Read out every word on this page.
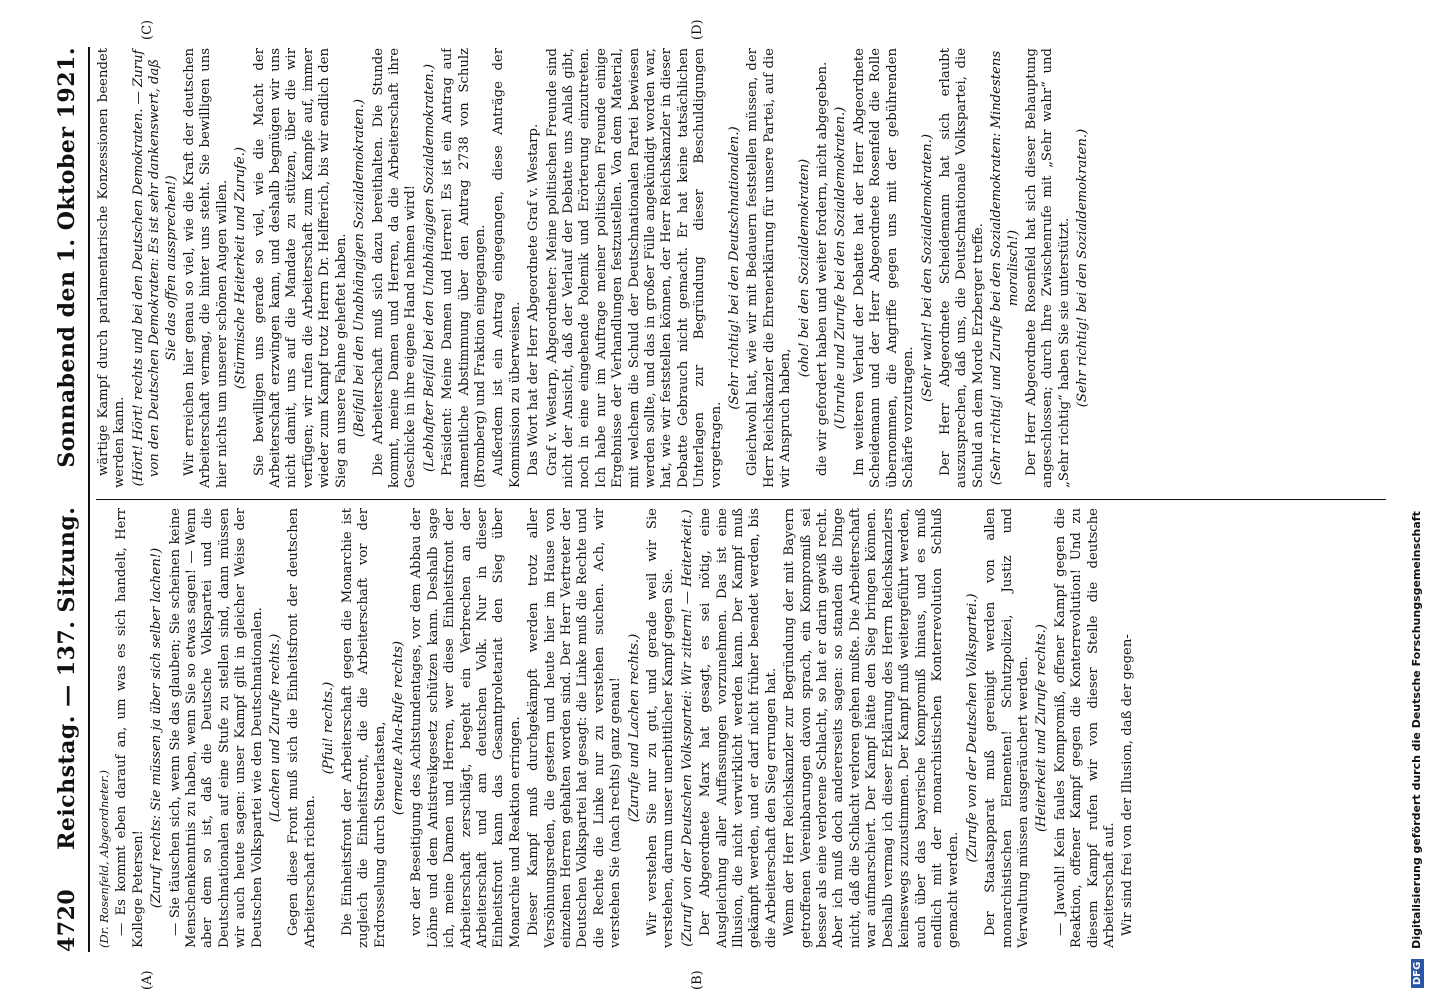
4720
Reichstag. — 137. Sitzung.
Sonnabend den 1. Oktober 1921.
(A)	(B)
(C)	(D)

(Dr. Rosenfeld, Abgeordneter.) — Es kommt eben darauf an, um was es sich handelt, Herr Kollege Petersen! (Zuruf rechts: Sie müssen ja über sich selber lachen!) — Sie täuschen sich, wenn Sie das glauben; Sie scheinen keine Menschenkenntnis zu haben, wenn Sie so etwas sagen! — Wenn aber dem so ist, daß die Deutsche Volkspartei und die Deutschnationalen auf eine Stufe zu stellen sind, dann müssen wir auch heute sagen: unser Kampf gilt in gleicher Weise der Deutschen Volkspartei wie den Deutschnationalen. (Lachen und Zurufe rechts.) Gegen diese Front muß sich die Einheitsfront der deutschen Arbeiterschaft richten.

(Pfui! rechts.) Die Einheitsfront der Arbeiterschaft gegen die Monarchie ist zugleich die Einheitsfront, die die Arbeiterschaft vor der Erdrosselung durch Steuerlasten, (erneute Aha-Rufe rechts) vor der Beseitigung des Achtstundentages, vor dem Abbau der Löhne und dem Antistreikgesetz schützen kann. Deshalb sage ich, meine Damen und Herren, wer diese Einheitsfront der Arbeiterschaft zerschlägt, begeht ein Verbrechen an der Arbeiterschaft und am deutschen Volk. Nur in dieser Einheitsfront kann das Gesamtproletariat den Sieg über Monarchie und Reaktion erringen. Dieser Kampf muß durchgekämpft werden trotz aller Versöhnungsreden, die gestern und heute hier im Hause von einzelnen Herren gehalten worden sind. Der Herr Vertreter der Deutschen Volkspartei hat gesagt: die Linke muß die Rechte und die Rechte die Linke nur zu verstehen suchen. Ach, wir verstehen Sie (nach rechts) ganz genau! (Zurufe und Lachen rechts.) Wir verstehen Sie nur zu gut, und gerade weil wir Sie verstehen, darum unser unerbittlicher Kampf gegen Sie. (Zuruf von der Deutschen Volkspartei: Wir zittern! — Heiterkeit.) Der Abgeordnete Marx hat gesagt, es sei nötig, eine Ausgleichung aller Auffassungen vorzunehmen. Das ist eine Illusion, die nicht verwirklicht werden kann. Der Kampf muß gekämpft werden, und er darf nicht früher beendet werden, bis die Arbeiterschaft den Sieg errungen hat. Wenn der Herr Reichskanzler zur Begründung der mit Bayern getroffenen Vereinbarungen davon sprach, ein Kompromiß sei besser als eine verlorene Schlacht, so hat er darin gewiß recht. Aber ich muß doch andererseits sagen: so standen die Dinge nicht, daß die Schlacht verloren gehen mußte. Die Arbeiterschaft war aufmarschiert. Der Kampf hätte den Sieg bringen können. Deshalb vermag ich dieser Erklärung des Herrn Reichskanzlers keineswegs zuzustimmen. Der Kampf muß weitergeführt werden, auch über das bayerische Kompromiß hinaus, und es muß endlich mit der monarchistischen Konterrevolution Schluß gemacht werden.

(Zurufe von der Deutschen Volkspartei.) Der Staatsapparat muß gereinigt werden von allen monarchistischen Elementen! Schutzpolizei, Justiz und Verwaltung müssen ausgeräuchert werden. (Heiterkeit und Zurufe rechts.) — Jawohl! Kein faules Kompromiß, offener Kampf gegen die Reaktion, offener Kampf gegen die Konterrevolution! Und zu diesem Kampf rufen wir von dieser Stelle die deutsche Arbeiterschaft auf. Wir sind frei von der Illusion, daß der gegen-

wärtige Kampf durch parlamentarische Konzessionen beendet werden kann. (Hört! Hört! rechts und bei den Deutschen Demokraten. — Zuruf von den Deutschen Demokraten: Es ist sehr dankenswert, daß Sie das offen aussprechen!) Wir erreichen hier genau so viel, wie die Kraft der deutschen Arbeiterschaft vermag, die hinter uns steht. Sie bewilligen uns hier nichts um unserer schönen Augen willen. (Stürmische Heiterkeit und Zurufe.) Sie bewilligen uns gerade so viel, wie die Macht der Arbeiterschaft erzwingen kann, und deshalb begnügen wir uns nicht damit, uns auf die Mandate zu stützen, über die wir verfügen; wir rufen die Arbeiterschaft zum Kampfe auf, immer wieder zum Kampf trotz Herrn Dr. Helfferich, bis wir endlich den Sieg an unsere Fahne geheftet haben. (Beifall bei den Unabhängigen Sozialdemokraten.) Die Arbeiterschaft muß sich dazu bereithalten. Die Stunde kommt, meine Damen und Herren, da die Arbeiterschaft ihre Geschicke in ihre eigene Hand nehmen wird! (Lebhafter Beifall bei den Unabhängigen Sozialdemokraten.) Präsident: Meine Damen und Herren! Es ist ein Antrag auf namentliche Abstimmung über den Antrag 2738 von Schulz (Bromberg) und Fraktion eingegangen. Außerdem ist ein Antrag eingegangen, diese Anträge der Kommission zu überweisen. Das Wort hat der Herr Abgeordnete Graf v. Westarp. Graf v. Westarp, Abgeordneter: Meine politischen Freunde sind nicht der Ansicht, daß der Verlauf der Debatte uns Anlaß gibt, noch in eine eingehende Polemik und Erörterung einzutreten. Ich habe nur im Auftrage meiner politischen Freunde einige Ergebnisse der Verhandlungen festzustellen. Von dem Material, mit welchem die Schuld der Deutschnationalen Partei bewiesen werden sollte, und das in großer Fülle angekündigt worden war, hat, wie wir feststellen können, der Herr Reichskanzler in dieser Debatte Gebrauch nicht gemacht. Er hat keine tatsächlichen Unterlagen zur Begründung dieser Beschuldigungen vorgetragen.

(Sehr richtig! bei den Deutschnationalen.) Gleichwohl hat, wie wir mit Bedauern feststellen müssen, der Herr Reichskanzler die Ehrenerklärung für unsere Partei, auf die wir Anspruch haben,

(oho! bei den Sozialdemokraten) die wir gefordert haben und weiter fordern, nicht abgegeben. (Unruhe und Zurufe bei den Sozialdemokraten.) Im weiteren Verlauf der Debatte hat der Herr Abgeordnete Scheidemann und der Herr Abgeordnete Rosenfeld die Rolle übernommen, die Angriffe gegen uns mit der gebührenden Schärfe vorzutragen.

(Sehr wahr! bei den Sozialdemokraten.) Der Herr Abgeordnete Scheidemann hat sich erlaubt auszusprechen, daß uns, die Deutschnationale Volkspartei, die Schuld an dem Morde Erzberger treffe. (Sehr richtig! und Zurufe bei den Sozialdemokraten: Mindestens moralisch!) Der Herr Abgeordnete Rosenfeld hat sich dieser Behauptung angeschlossen; durch Ihre Zwischenrufe mit „Sehr wahr“ und „Sehr richtig“ haben Sie sie unterstützt. (Sehr richtig! bei den Sozialdemokraten.)

DFG Digitalisierung gefördert durch die Deutsche Forschungsgemeinschaft
